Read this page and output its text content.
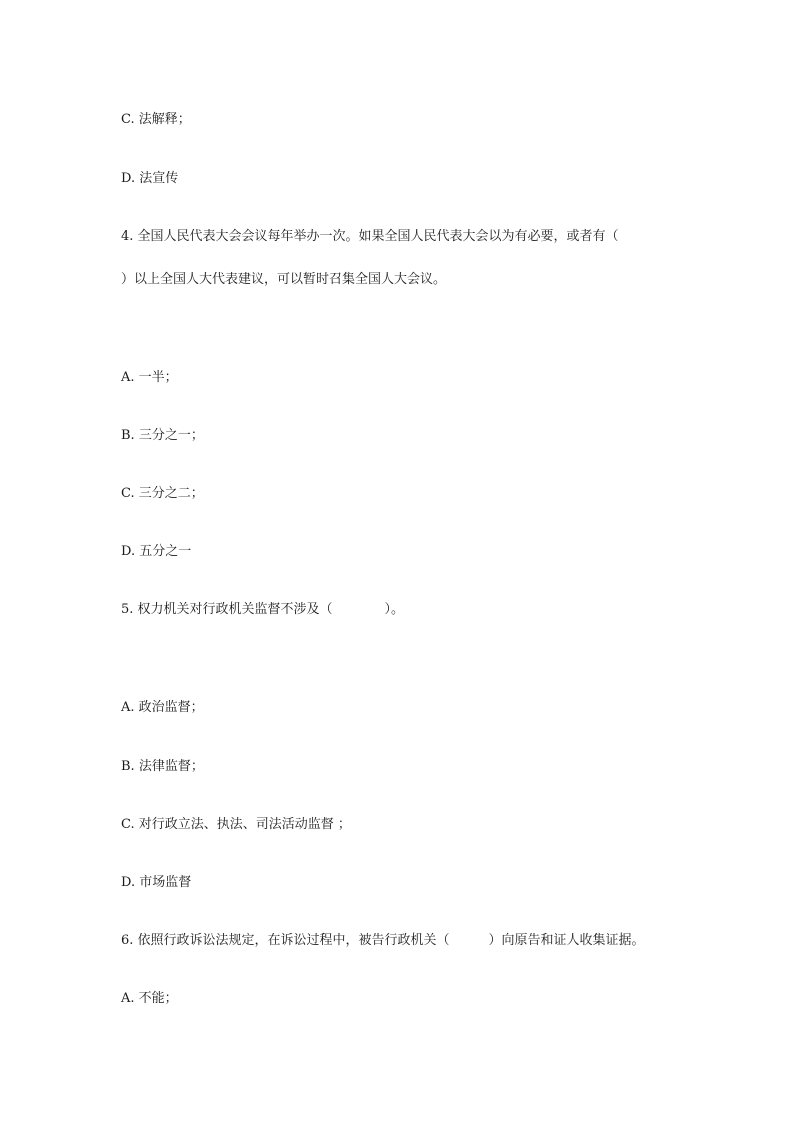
C. 法解释；
D. 法宣传
4. 全国人民代表大会会议每年举办一次。如果全国人民代表大会以为有必要，或者有（
）以上全国人大代表建议，可以暂时召集全国人大会议。
A. 一半；
B. 三分之一；
C. 三分之二；
D. 五分之一
5. 权力机关对行政机关监督不涉及（　　　　）。
A. 政治监督；
B. 法律监督；
C. 对行政立法、执法、司法活动监督 ；
D. 市场监督
6. 依照行政诉讼法规定，在诉讼过程中，被告行政机关（　　　）向原告和证人收集证据。
A. 不能；
